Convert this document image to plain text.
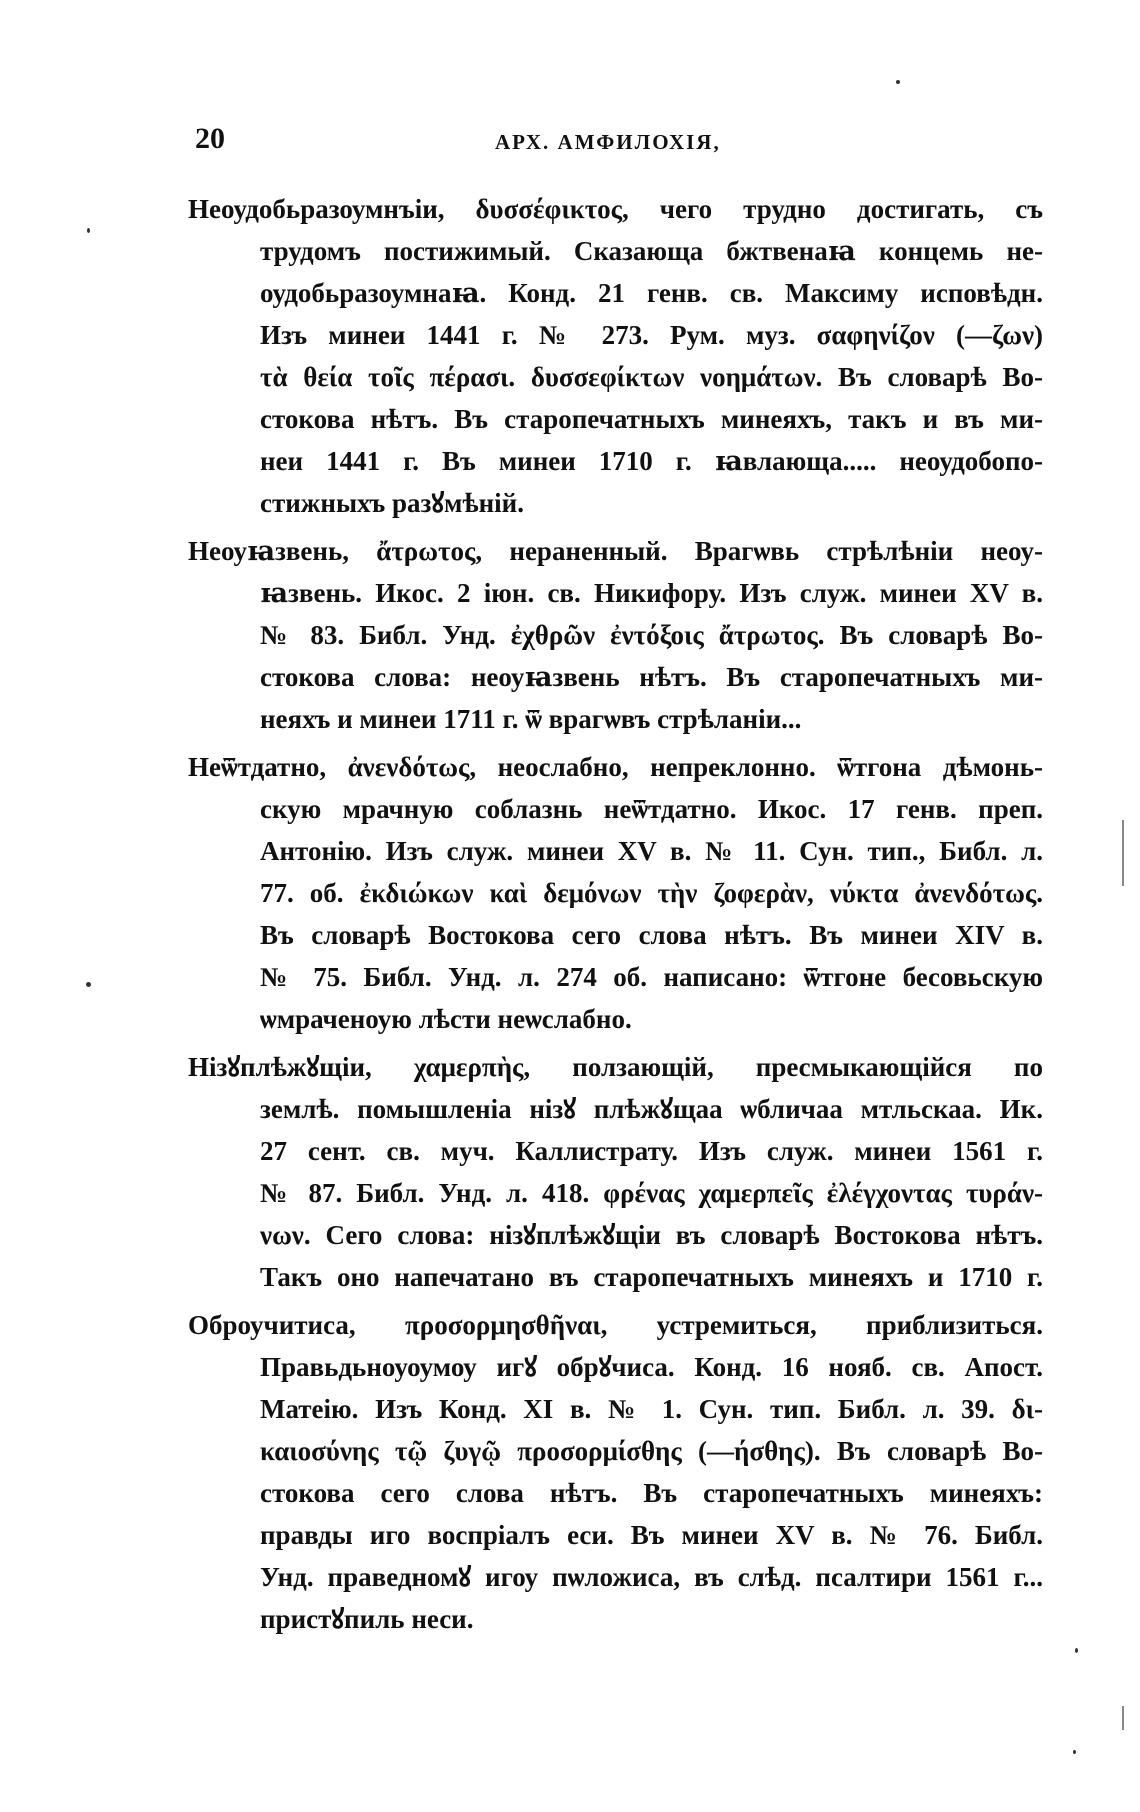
20	АРХ. АМФИЛОХІЯ,
Неоудобьразоумнъіи, δυσσέφικτος, чего трудно достигать, съ
трудомъ постижимый. Сказающа бжтвенаꙗ концемь не-
оудобьразоумнаꙗ. Конд. 21 генв. св. Максиму исповѣдн.
Изъ минеи 1441 г. № 273. Рум. муз. σαφηνίζον (—ζων)
τὰ θεία τοῖς πέρασι. δυσσεφίκτων νοημάτων. Въ словарѣ Во-
стокова нѣтъ. Въ старопечатныхъ минеяхъ, такъ и въ ми-
неи 1441 г. Въ минеи 1710 г. ꙗвлающа..... неоудобопо-
стижныхъ разꙋмѣній.
Неоуꙗзвень, ἄτρωτος, нераненный. Врагѡвь стрѣлѣніи неоу-
ꙗзвень. Икос. 2 іюн. св. Никифору. Изъ служ. минеи XV в.
№ 83. Библ. Унд. ἐχθρῶν ἐντόξοις ἄτρωτος. Въ словарѣ Во-
стокова слова: неоуꙗзвень нѣтъ. Въ старопечатныхъ ми-
неяхъ и минеи 1711 г. ѿ врагѡвъ стрѣланіи...
Неѿтдатно, ἀνενδότως, неослабно, непреклонно. ѿтгона дѣмонь-
скую мрачную соблазнь неѿтдатно. Икос. 17 генв. преп.
Антонію. Изъ служ. минеи XV в. № 11. Сун. тип., Библ. л.
77. об. ἐκδιώκων καὶ δεμόνων τὴν ζοφερὰν, νύκτα ἀνενδότως.
Въ словарѣ Востокова сего слова нѣтъ. Въ минеи XIV в.
№ 75. Библ. Унд. л. 274 об. написано: ѿтгоне бесовьскую
ѡмраченоую лѣсти неѡслабно.
Нізꙋплѣжꙋщіи, χαμερπὴς, ползающій, пресмыкающійся по
землѣ. помышленіа нізꙋ плѣжꙋщаа ѡбличаа мтльскаа. Ик.
27 сент. св. муч. Каллистрату. Изъ служ. минеи 1561 г.
№ 87. Библ. Унд. л. 418. φρένας χαμερπεῖς ἐλέγχοντας τυράν-
νων. Сего слова: нізꙋплѣжꙋщіи въ словарѣ Востокова нѣтъ.
Такъ оно напечатано въ старопечатныхъ минеяхъ и 1710 г.
Оброучитиса, προσορμησθῆναι, устремиться, приблизиться.
Правьдьноуоумоу игꙋ обрꙋчиса. Конд. 16 нояб. св. Апост.
Матеію. Изъ Конд. XI в. № 1. Сун. тип. Библ. л. 39. δι-
καιοσύνης τῷ ζυγῷ προσορμίσθης (—ήσθης). Въ словарѣ Во-
стокова сего слова нѣтъ. Въ старопечатныхъ минеяхъ:
правды иго воспріалъ еси. Въ минеи XV в. № 76. Библ.
Унд. праведномꙋ игоу пѡложиса, въ слѣд. псалтири 1561 г...
пристꙋпиль неси.
